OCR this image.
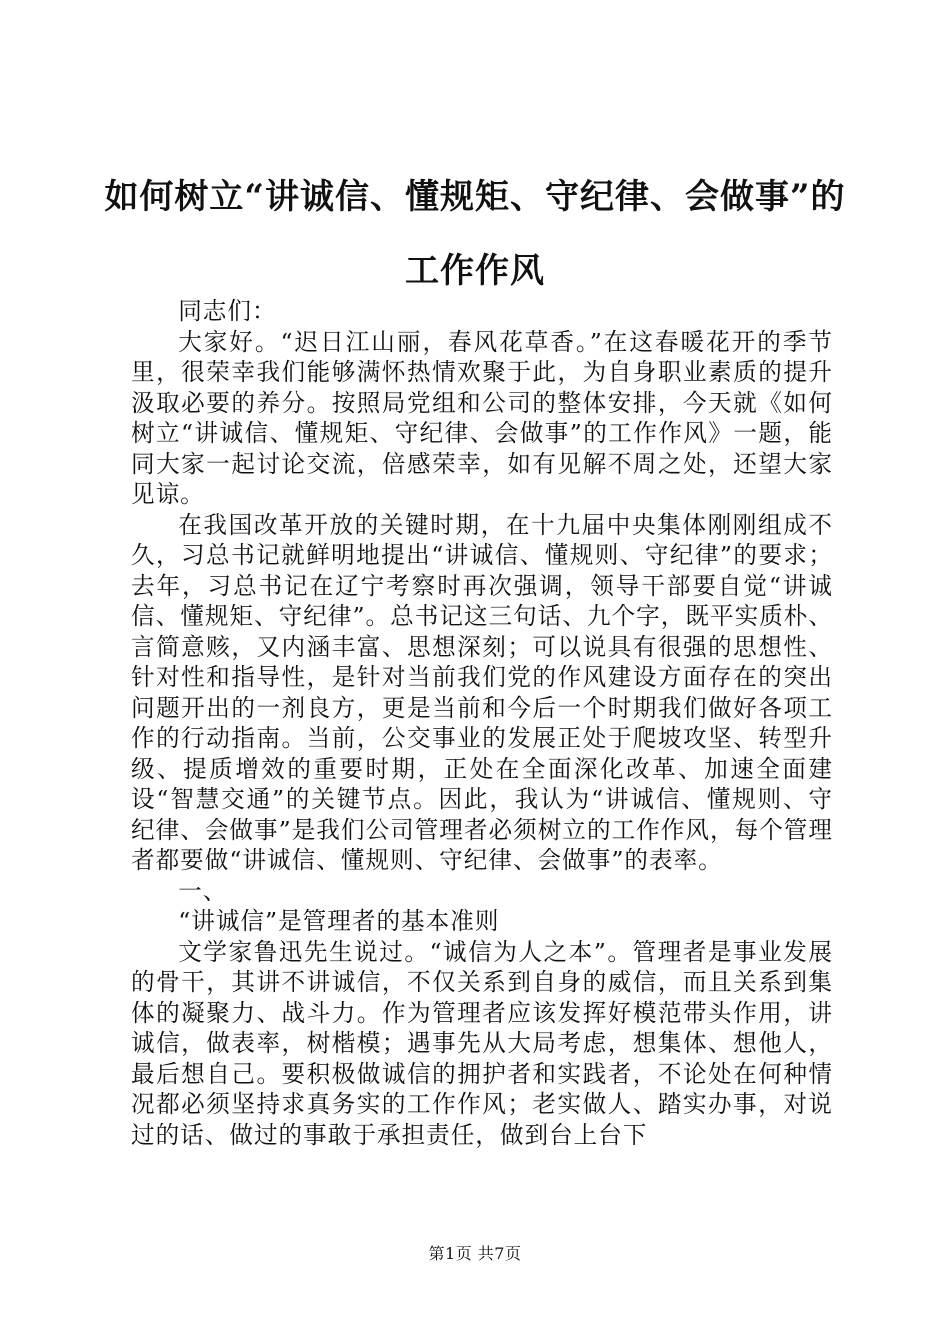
如何树立“讲诚信、懂规矩、守纪律、会做事”的工作作风

同志们：

大家好。“迟日江山丽，春风花草香。”在这春暖花开的季节里，很荣幸我们能够满怀热情欢聚于此，为自身职业素质的提升汲取必要的养分。按照局党组和公司的整体安排，今天就《如何树立“讲诚信、懂规矩、守纪律、会做事”的工作作风》一题，能同大家一起讨论交流，倍感荣幸，如有见解不周之处，还望大家见谅。

在我国改革开放的关键时期，在十九届中央集体刚刚组成不久，习总书记就鲜明地提出“讲诚信、懂规则、守纪律”的要求；去年，习总书记在辽宁考察时再次强调，领导干部要自觉“讲诚信、懂规矩、守纪律”。总书记这三句话、九个字，既平实质朴、言简意赅，又内涵丰富、思想深刻；可以说具有很强的思想性、针对性和指导性，是针对当前我们党的作风建设方面存在的突出问题开出的一剂良方，更是当前和今后一个时期我们做好各项工作的行动指南。当前，公交事业的发展正处于爬坡攻坚、转型升级、提质增效的重要时期，正处在全面深化改革、加速全面建设“智慧交通”的关键节点。因此，我认为“讲诚信、懂规则、守纪律、会做事”是我们公司管理者必须树立的工作作风，每个管理者都要做“讲诚信、懂规则、守纪律、会做事”的表率。

一、

“讲诚信”是管理者的基本准则

文学家鲁迅先生说过。“诚信为人之本”。管理者是事业发展的骨干，其讲不讲诚信，不仅关系到自身的威信，而且关系到集体的凝聚力、战斗力。作为管理者应该发挥好模范带头作用，讲诚信，做表率，树楷模；遇事先从大局考虑，想集体、想他人，最后想自己。要积极做诚信的拥护者和实践者，不论处在何种情况都必须坚持求真务实的工作作风；老实做人、踏实办事，对说过的话、做过的事敢于承担责任，做到台上台下

第1页 共7页
